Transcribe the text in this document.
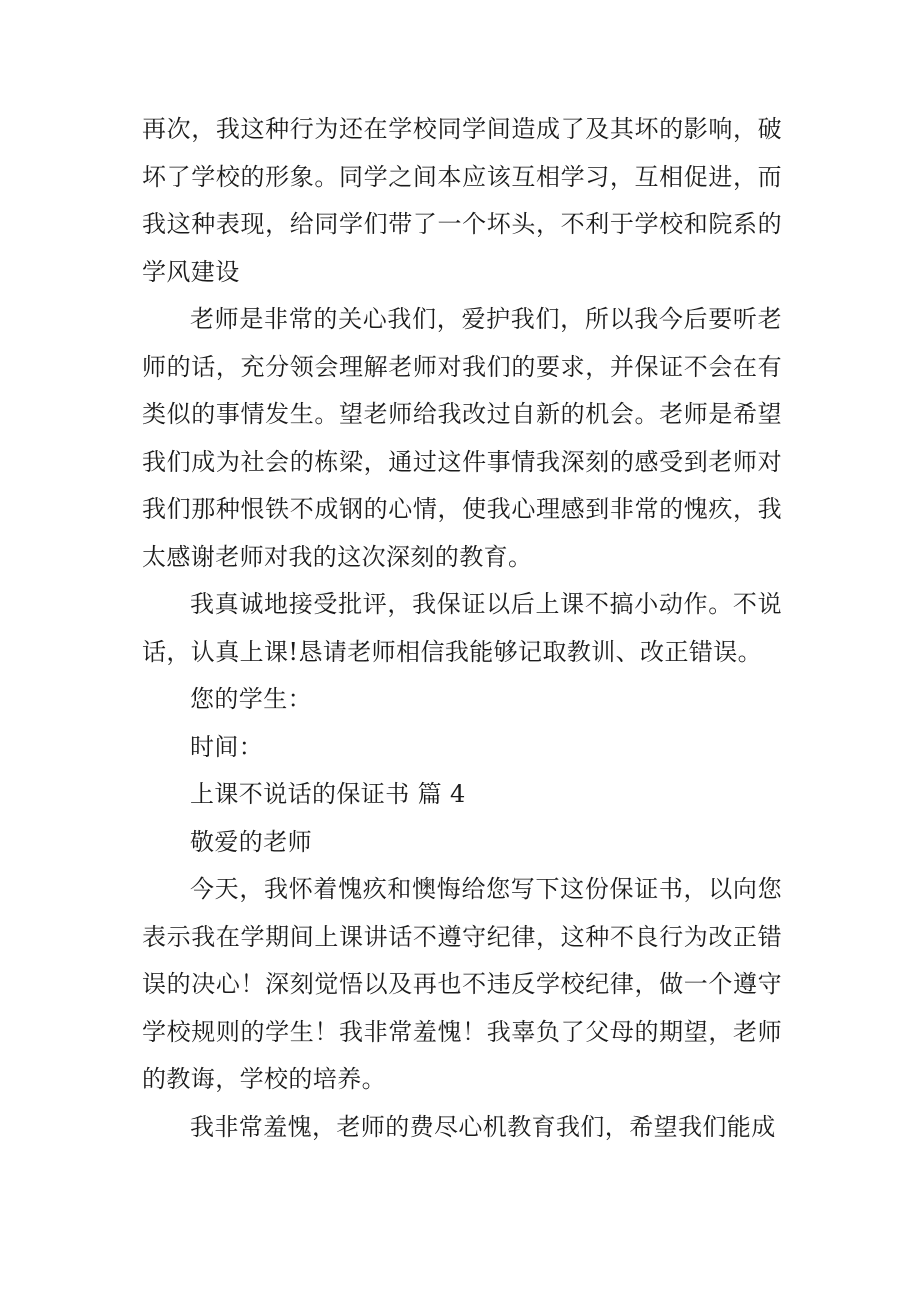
再次，我这种行为还在学校同学间造成了及其坏的影响，破坏了学校的形象。同学之间本应该互相学习，互相促进，而我这种表现，给同学们带了一个坏头，不利于学校和院系的学风建设

老师是非常的关心我们，爱护我们，所以我今后要听老师的话，充分领会理解老师对我们的要求，并保证不会在有类似的事情发生。望老师给我改过自新的机会。老师是希望我们成为社会的栋梁，通过这件事情我深刻的感受到老师对我们那种恨铁不成钢的心情，使我心理感到非常的愧疚，我太感谢老师对我的这次深刻的教育。

我真诚地接受批评，我保证以后上课不搞小动作。不说话，认真上课!恳请老师相信我能够记取教训、改正错误。

您的学生：

时间：

上课不说话的保证书 篇 4

敬爱的老师

今天，我怀着愧疚和懊悔给您写下这份保证书，以向您表示我在学期间上课讲话不遵守纪律，这种不良行为改正错误的决心！深刻觉悟以及再也不违反学校纪律，做一个遵守学校规则的学生！我非常羞愧！我辜负了父母的期望，老师的教诲，学校的培养。

我非常羞愧，老师的费尽心机教育我们，希望我们能成
